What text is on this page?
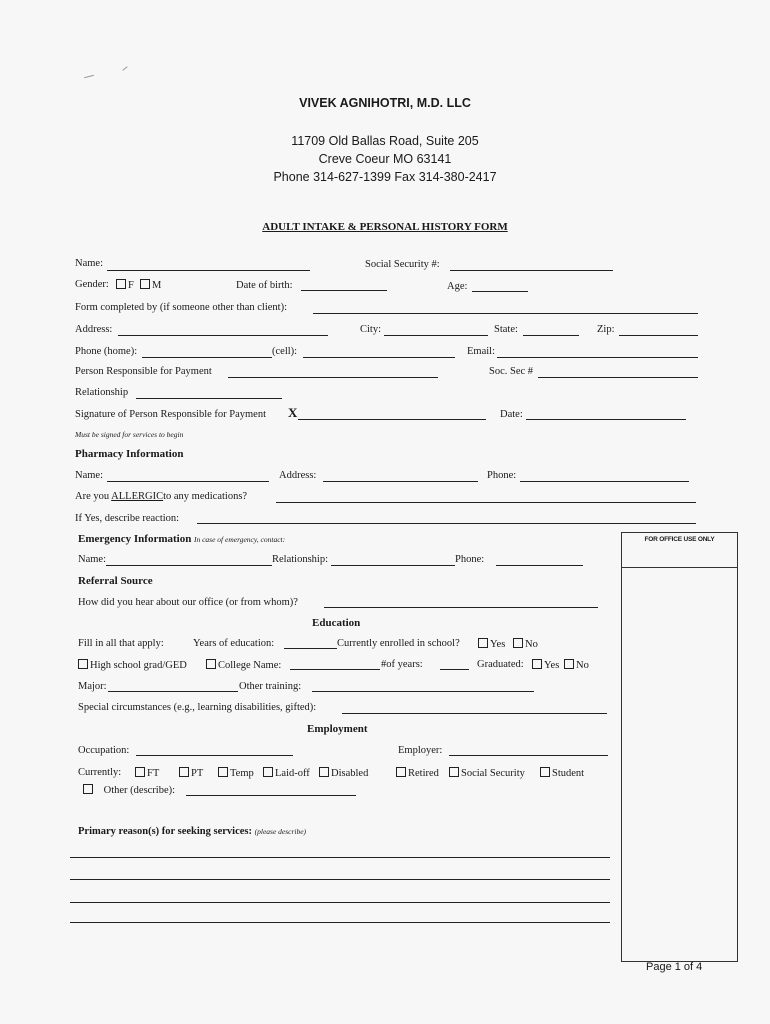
VIVEK AGNIHOTRI, M.D. LLC
11709 Old Ballas Road, Suite 205
Creve Coeur MO 63141
Phone 314-627-1399 Fax 314-380-2417
ADULT INTAKE & PERSONAL HISTORY FORM
Name:	Social Security #:
Gender:	F	M	Date of birth:	Age:
Form completed by (if someone other than client):
Address:	City:	State:	Zip:
Phone (home):	(cell):	Email:
Person Responsible for Payment	Soc. Sec #
Relationship
Signature of Person Responsible for Payment X	Date:
Must be signed for services to begin
Pharmacy Information
Name:	Address:	Phone:
Are you ALLERGICto any medications?
If Yes, describe reaction:
Emergency Information In case of emergency, contact:
Name:	Relationship:	Phone:
Referral Source
How did you hear about our office (or from whom)?
Education
Fill in all that apply:	Years of education:	Currently enrolled in school?	Yes	No
High school grad/GED	College Name:	#of years:	Graduated:	Yes	No
Major:	Other training:
Special circumstances (e.g., learning disabilities, gifted):
Employment
Occupation:	Employer:
Currently:	FT	PT	Temp	Laid-off	Disabled	Retired	Social Security	Student
Other (describe):
Primary reason(s) for seeking services: (please describe)
FOR OFFICE USE ONLY
Page 1 of 4
